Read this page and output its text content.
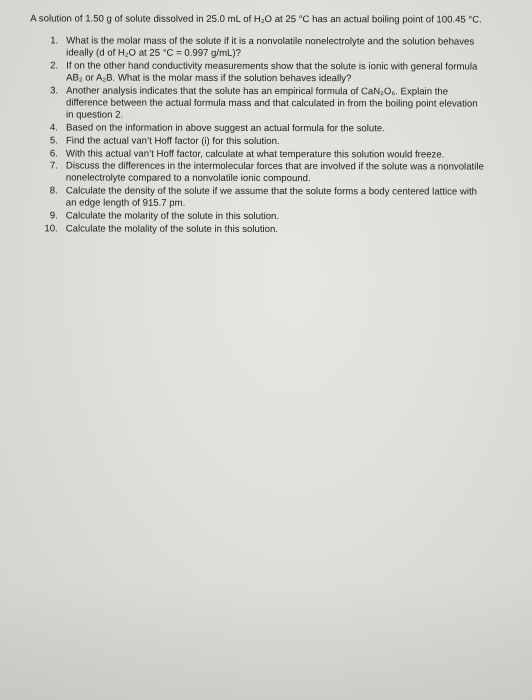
A solution of 1.50 g of solute dissolved in 25.0 mL of H₂O at 25 °C has an actual boiling point of 100.45 °C.

1. What is the molar mass of the solute if it is a nonvolatile nonelectrolyte and the solution behaves ideally (d of H₂O at 25 °C = 0.997 g/mL)?
2. If on the other hand conductivity measurements show that the solute is ionic with general formula AB₂ or A₂B. What is the molar mass if the solution behaves ideally?
3. Another analysis indicates that the solute has an empirical formula of CaN₂O₆. Explain the difference between the actual formula mass and that calculated in from the boiling point elevation in question 2.
4. Based on the information in above suggest an actual formula for the solute.
5. Find the actual van’t Hoff factor (i) for this solution.
6. With this actual van’t Hoff factor, calculate at what temperature this solution would freeze.
7. Discuss the differences in the intermolecular forces that are involved if the solute was a nonvolatile nonelectrolyte compared to a nonvolatile ionic compound.
8. Calculate the density of the solute if we assume that the solute forms a body centered lattice with an edge length of 915.7 pm.
9. Calculate the molarity of the solute in this solution.
10. Calculate the molality of the solute in this solution.
